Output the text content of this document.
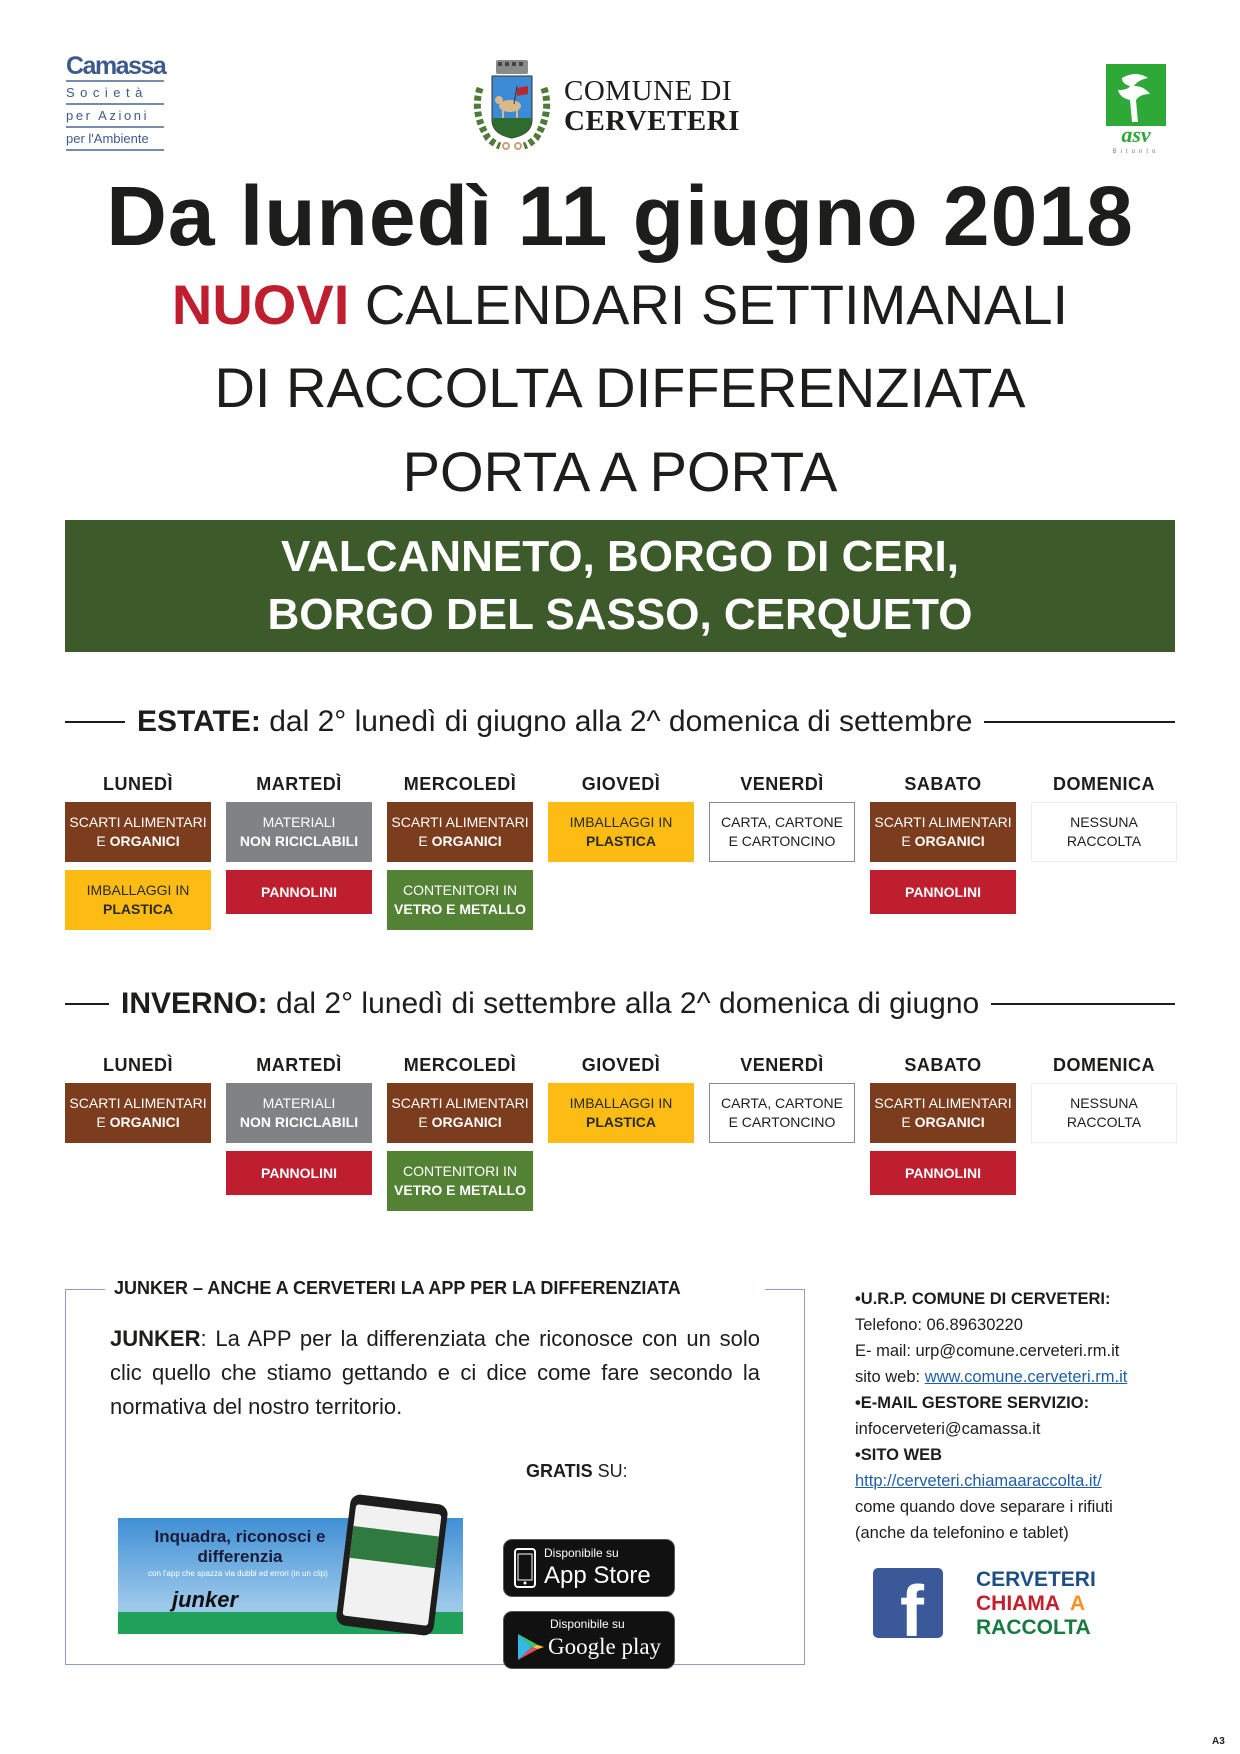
Camassa
Società
per Azioni
per l'Ambiente
COMUNE DI
CERVETERI	asv
Bitonto
Da lunedì 11 giugno 2018
NUOVI CALENDARI SETTIMANALI
DI RACCOLTA DIFFERENZIATA
PORTA A PORTA
VALCANNETO, BORGO DI CERI,
BORGO DEL SASSO, CERQUETO
ESTATE: dal 2° lunedì di giugno alla 2^ domenica di settembre
LUNEDÌ
SCARTI ALIMENTARI
E ORGANICI
IMBALLAGGI IN
PLASTICA
MARTEDÌ
MATERIALI
NON RICICLABILI
PANNOLINI
MERCOLEDÌ
SCARTI ALIMENTARI
E ORGANICI
CONTENITORI IN
VETRO E METALLO
GIOVEDÌ
IMBALLAGGI IN
PLASTICA
VENERDÌ
CARTA, CARTONE
E CARTONCINO
SABATO
SCARTI ALIMENTARI
E ORGANICI
PANNOLINI
DOMENICA
NESSUNA
RACCOLTA
INVERNO: dal 2° lunedì di settembre alla 2^ domenica di giugno
LUNEDÌ
SCARTI ALIMENTARI
E ORGANICI
MARTEDÌ
MATERIALI
NON RICICLABILI
PANNOLINI
MERCOLEDÌ
SCARTI ALIMENTARI
E ORGANICI
CONTENITORI IN
VETRO E METALLO
GIOVEDÌ
IMBALLAGGI IN
PLASTICA
VENERDÌ
CARTA, CARTONE
E CARTONCINO
SABATO
SCARTI ALIMENTARI
E ORGANICI
PANNOLINI
DOMENICA
NESSUNA
RACCOLTA
JUNKER – ANCHE A CERVETERI LA APP PER LA DIFFERENZIATA
JUNKER: La APP per la differenziata che riconosce con un solo clic quello che stiamo gettando e ci dice come fare secondo la normativa del nostro territorio.
GRATIS SU:
Inquadra, riconosci e differenzia
con l'app che spazza via dubbi ed errori (in un clip)
junker
Disponibile su
App Store
Disponibile su
Google play
•U.R.P. COMUNE DI CERVETERI:
Telefono: 06.89630220
E- mail: urp@comune.cerveteri.rm.it
sito web: www.comune.cerveteri.rm.it
•E-MAIL GESTORE SERVIZIO:
infocerveteri@camassa.it
•SITO WEB
http://cerveteri.chiamaaraccolta.it/
come quando dove separare i rifiuti
(anche da telefonino e tablet)
f CERVETERI
CHIAMA A
RACCOLTA
A3
